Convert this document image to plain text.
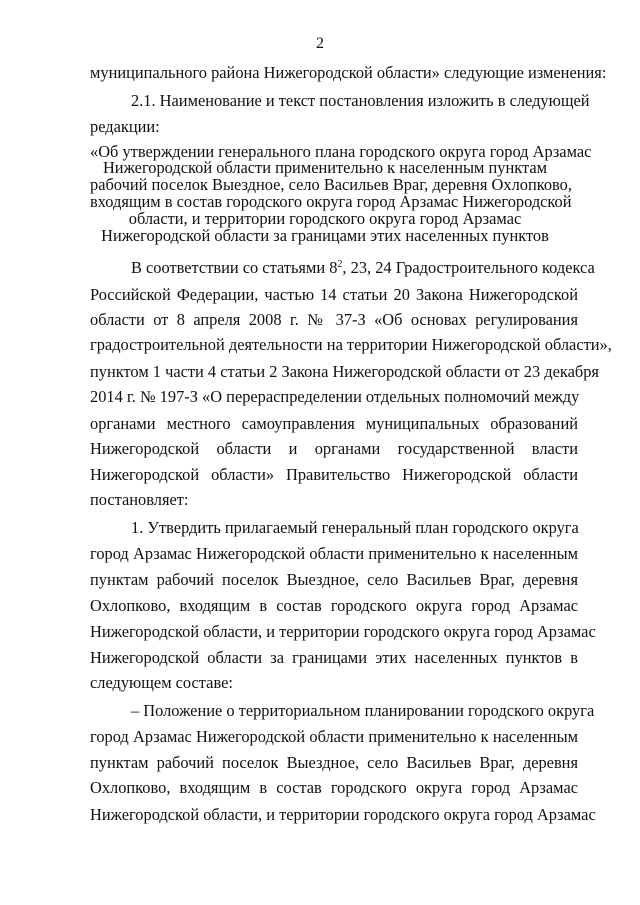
2
муниципального района Нижегородской области» следующие изменения:
2.1. Наименование и текст постановления изложить в следующей
редакции:
«Об утверждении генерального плана городского округа город Арзамас
Нижегородской области применительно к населенным пунктам
рабочий поселок Выездное, село Васильев Враг, деревня Охлопково,
входящим в состав городского округа город Арзамас Нижегородской
области, и территории городского округа город Арзамас
Нижегородской области за границами этих населенных пунктов
В соответствии со статьями $8^2$, 23, 24 Градостроительного кодекса
Российской Федерации, частью 14 статьи 20 Закона Нижегородской
области от 8 апреля 2008 г. № 37-З «Об основах регулирования
градостроительной деятельности на территории Нижегородской области»,
пунктом 1 части 4 статьи 2 Закона Нижегородской области от 23 декабря
2014 г. № 197-З «О перераспределении отдельных полномочий между
органами местного самоуправления муниципальных образований
Нижегородской области и органами государственной власти
Нижегородской области» Правительство Нижегородской области
постановляет:
1. Утвердить прилагаемый генеральный план городского округа
город Арзамас Нижегородской области применительно к населенным
пунктам рабочий поселок Выездное, село Васильев Враг, деревня
Охлопково, входящим в состав городского округа город Арзамас
Нижегородской области, и территории городского округа город Арзамас
Нижегородской области за границами этих населенных пунктов в
следующем составе:
– Положение о территориальном планировании городского округа
город Арзамас Нижегородской области применительно к населенным
пунктам рабочий поселок Выездное, село Васильев Враг, деревня
Охлопково, входящим в состав городского округа город Арзамас
Нижегородской области, и территории городского округа город Арзамас
